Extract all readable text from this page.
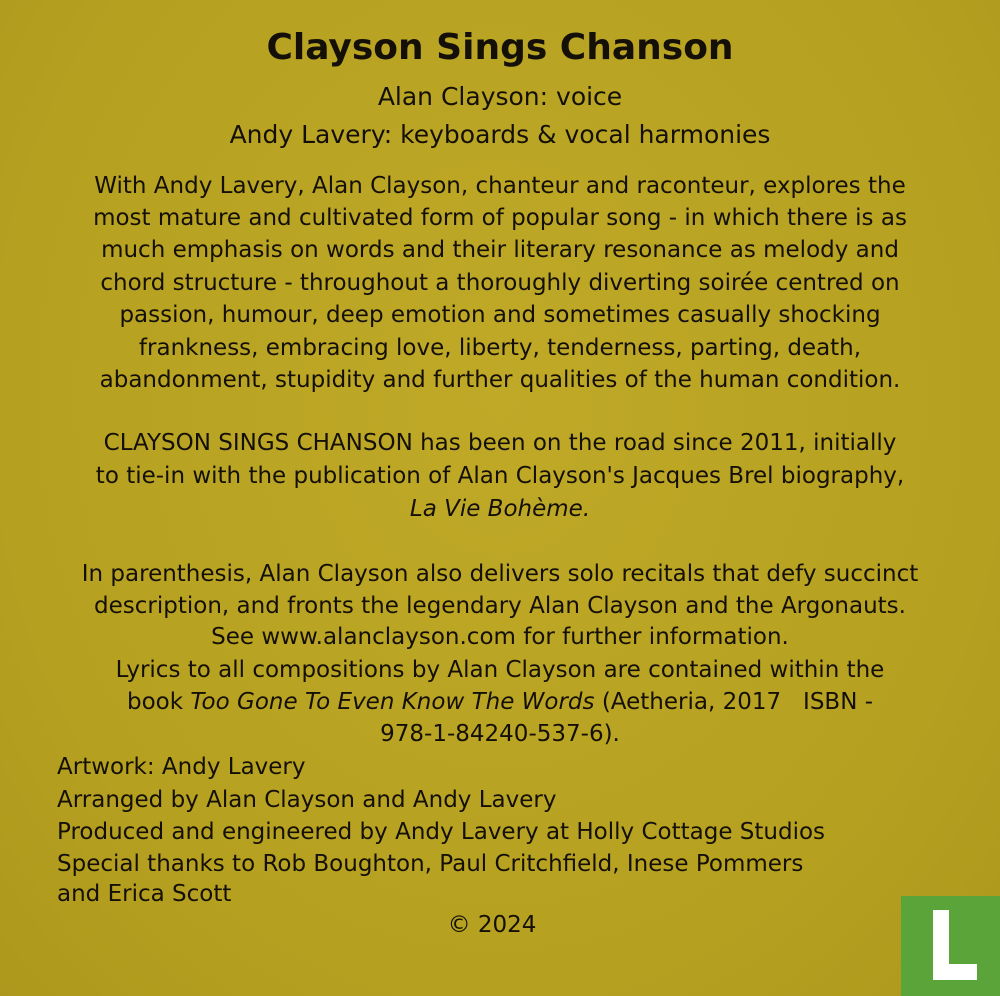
Clayson Sings Chanson
Alan Clayson: voice
Andy Lavery: keyboards & vocal harmonies
With Andy Lavery, Alan Clayson, chanteur and raconteur, explores the
most mature and cultivated form of popular song - in which there is as
much emphasis on words and their literary resonance as melody and
chord structure - throughout a thoroughly diverting soirée centred on
passion, humour, deep emotion and sometimes casually shocking
frankness, embracing love, liberty, tenderness, parting, death,
abandonment, stupidity and further qualities of the human condition.
CLAYSON SINGS CHANSON has been on the road since 2011, initially
to tie-in with the publication of Alan Clayson's Jacques Brel biography,
La Vie Bohème.
In parenthesis, Alan Clayson also delivers solo recitals that defy succinct
description, and fronts the legendary Alan Clayson and the Argonauts.
See www.alanclayson.com for further information.
Lyrics to all compositions by Alan Clayson are contained within the
book Too Gone To Even Know The Words (Aetheria, 2017   ISBN -
978-1-84240-537-6).
Artwork: Andy Lavery
Arranged by Alan Clayson and Andy Lavery
Produced and engineered by Andy Lavery at Holly Cottage Studios
Special thanks to Rob Boughton, Paul Critchfield, Inese Pommers
and Erica Scott
© 2024
